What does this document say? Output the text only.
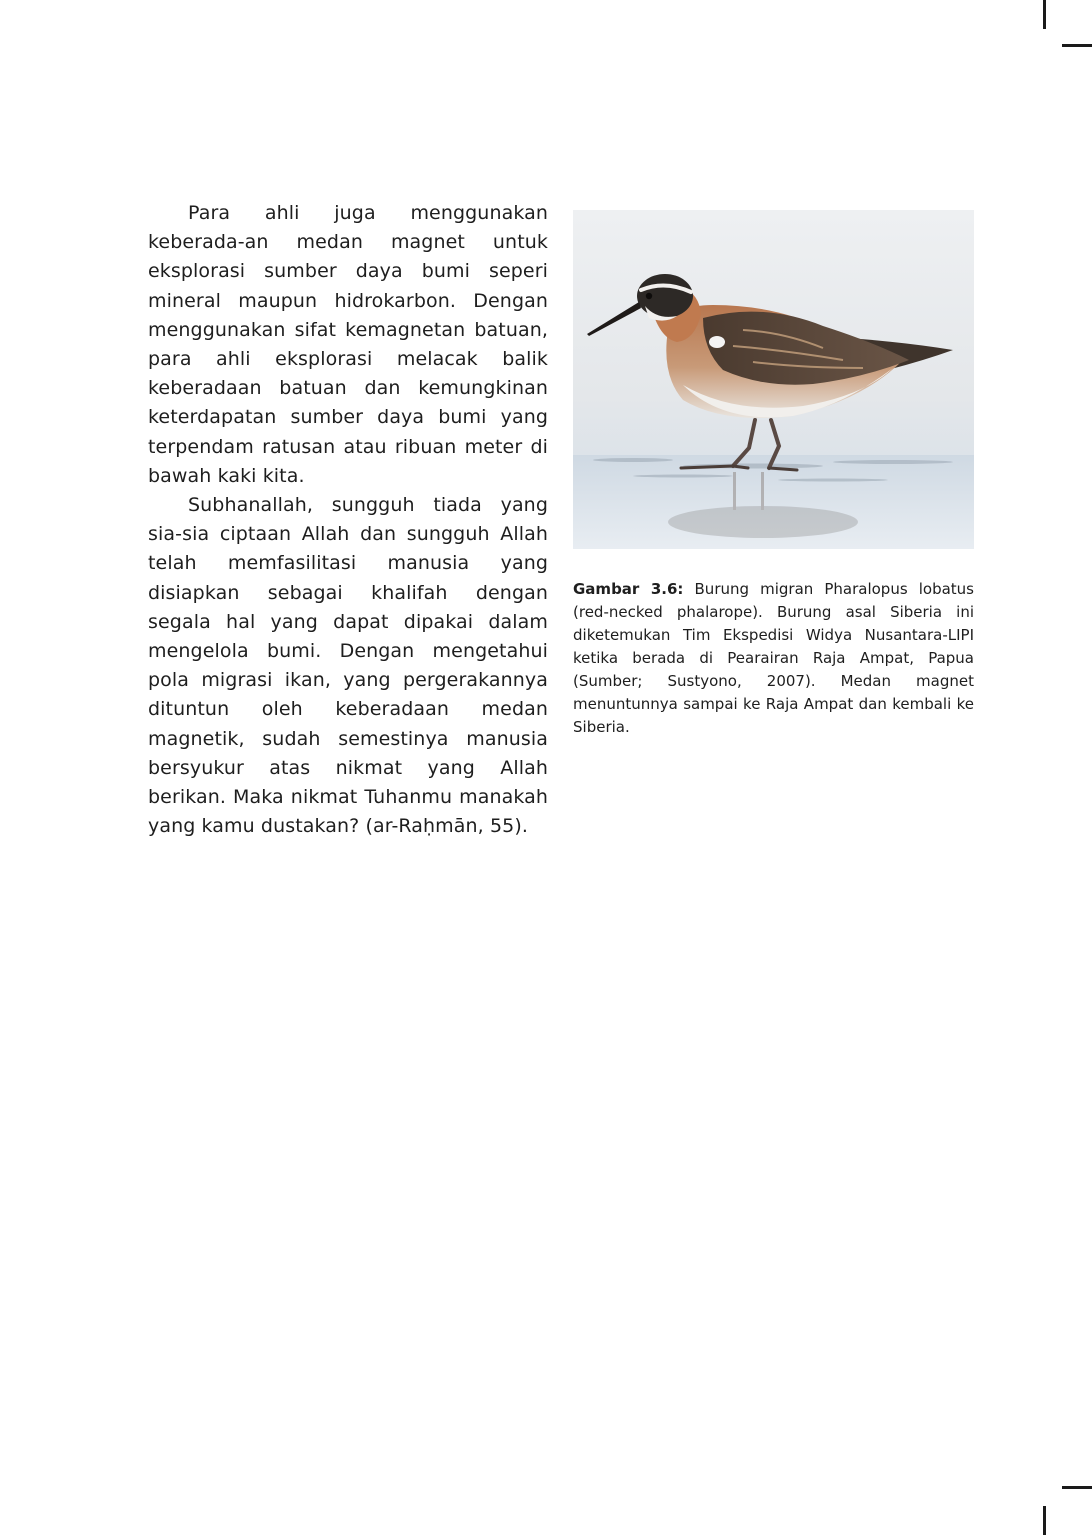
Para ahli juga menggunakan keberada-an medan magnet untuk eksplorasi sumber daya bumi seperi mineral maupun hidrokarbon. Dengan menggunakan sifat kemagnetan batuan, para ahli eksplorasi melacak balik keberadaan batuan dan kemungkinan keterdapatan sumber daya bumi yang terpendam ratusan atau ribuan meter di bawah kaki kita.

Subhanallah, sungguh tiada yang sia-sia ciptaan Allah dan sungguh Allah telah memfasilitasi manusia yang disiapkan sebagai khalifah dengan segala hal yang dapat dipakai dalam mengelola bumi. Dengan mengetahui pola migrasi ikan, yang pergerakannya dituntun oleh keberadaan medan magnetik, sudah semestinya manusia bersyukur atas nikmat yang Allah berikan. Maka nikmat Tuhanmu manakah yang kamu dustakan? (ar-Raḥmān, 55).

Gambar 3.6: Burung migran Pharalopus lobatus (red-necked phalarope). Burung asal Siberia ini diketemukan Tim Ekspedisi Widya Nusantara-LIPI ketika berada di Pearairan Raja Ampat, Papua (Sumber; Sustyono, 2007). Medan magnet menuntunnya sampai ke Raja Ampat dan kembali ke Siberia.
